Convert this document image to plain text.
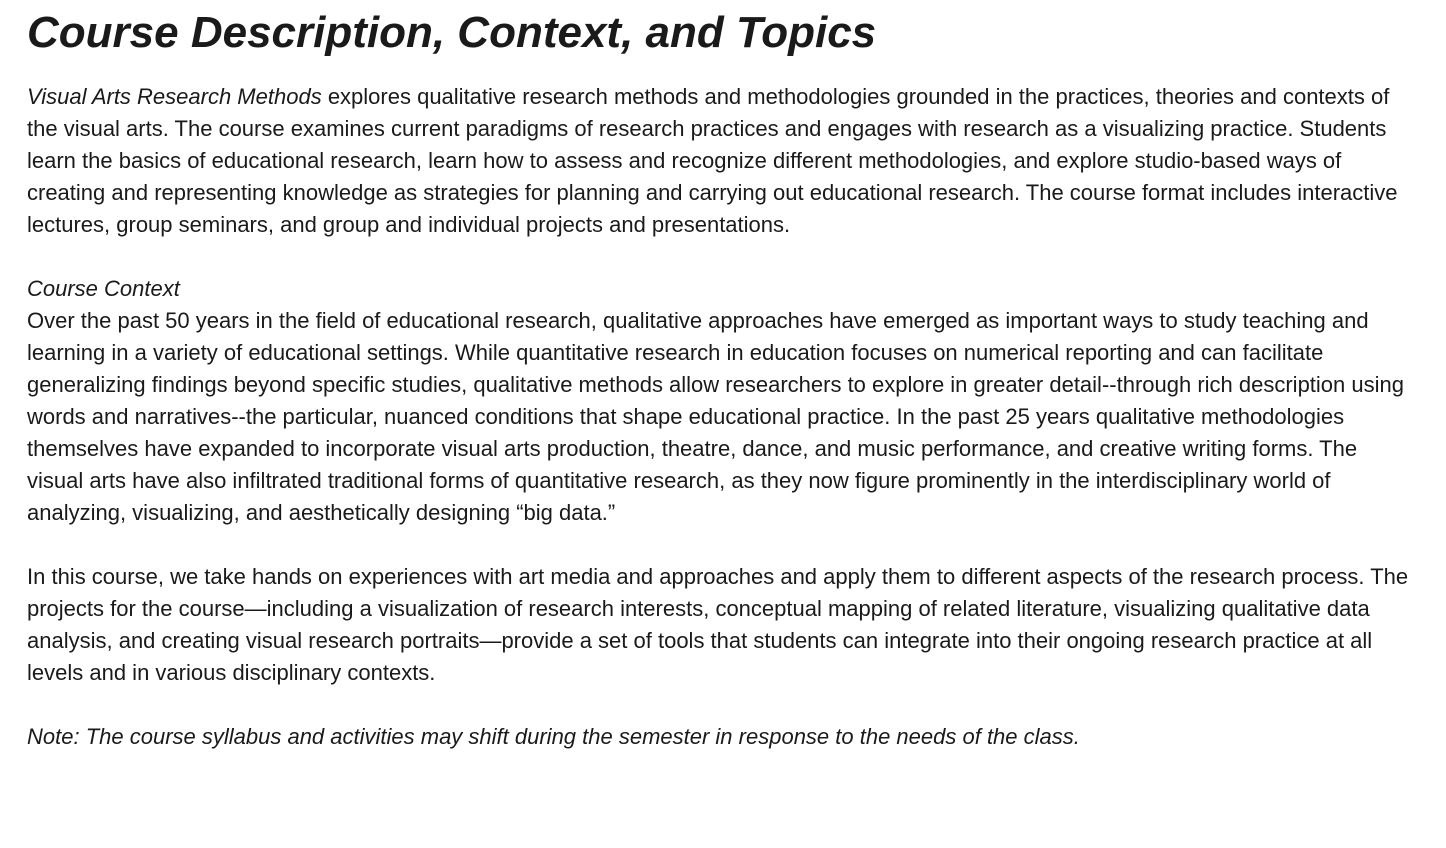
Course Description, Context, and Topics

Visual Arts Research Methods explores qualitative research methods and methodologies grounded in the practices, theories and contexts of the visual arts. The course examines current paradigms of research practices and engages with research as a visualizing practice. Students learn the basics of educational research, learn how to assess and recognize different methodologies, and explore studio-based ways of creating and representing knowledge as strategies for planning and carrying out educational research. The course format includes interactive lectures, group seminars, and group and individual projects and presentations.

Course Context

Over the past 50 years in the field of educational research, qualitative approaches have emerged as important ways to study teaching and learning in a variety of educational settings. While quantitative research in education focuses on numerical reporting and can facilitate generalizing findings beyond specific studies, qualitative methods allow researchers to explore in greater detail--through rich description using words and narratives--the particular, nuanced conditions that shape educational practice. In the past 25 years qualitative methodologies themselves have expanded to incorporate visual arts production, theatre, dance, and music performance, and creative writing forms. The visual arts have also infiltrated traditional forms of quantitative research, as they now figure prominently in the interdisciplinary world of analyzing, visualizing, and aesthetically designing “big data.”

In this course, we take hands on experiences with art media and approaches and apply them to different aspects of the research process. The projects for the course—including a visualization of research interests, conceptual mapping of related literature, visualizing qualitative data analysis, and creating visual research portraits—provide a set of tools that students can integrate into their ongoing research practice at all levels and in various disciplinary contexts.

Note: The course syllabus and activities may shift during the semester in response to the needs of the class.
